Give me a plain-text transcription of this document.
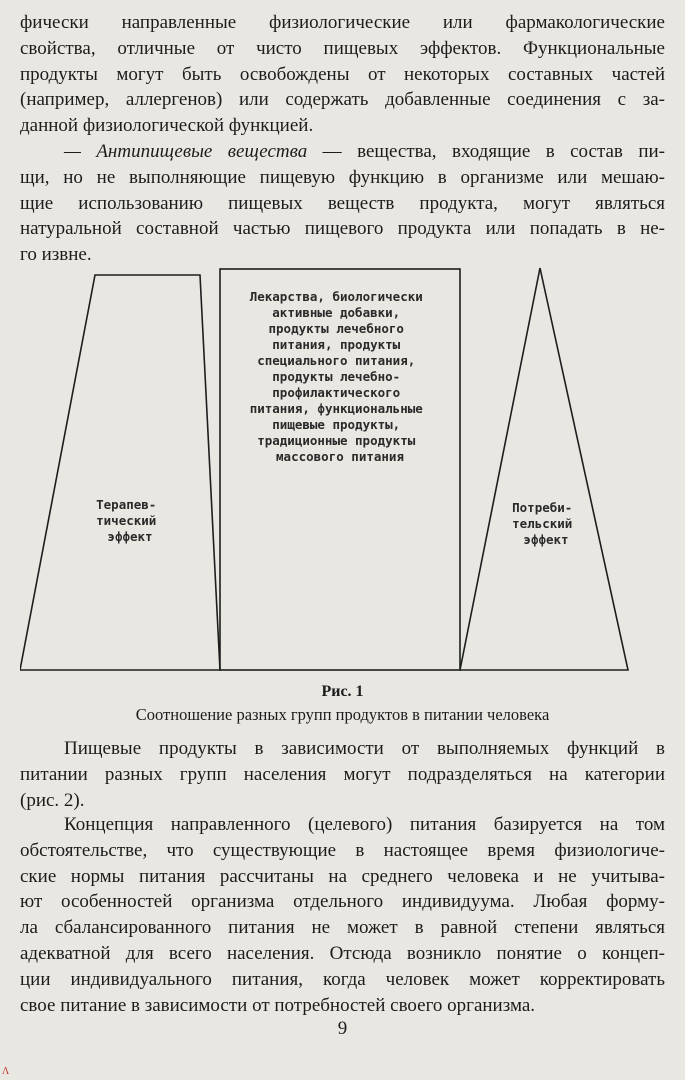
фически направленные физиологические или фармакологические
свойства, отличные от чисто пищевых эффектов. Функциональные
продукты могут быть освобождены от некоторых составных частей
(например, аллергенов) или содержать добавленные соединения с за-
данной физиологической функцией.
— Антипищевые вещества — вещества, входящие в состав пи-
щи, но не выполняющие пищевую функцию в организме или мешаю-
щие использованию пищевых веществ продукта, могут являться
натуральной составной частью пищевого продукта или попадать в не-
го извне.
Терапев- тический эффект
Лекарства, биологически активные добавки, продукты лечебного питания, продукты специального питания, продукты лечебно- профилактического питания, функциональные пищевые продукты, традиционные продукты массового питания
Потреби- тельский эффект
Рис. 1
Соотношение разных групп продуктов в питании человека
Пищевые продукты в зависимости от выполняемых функций в
питании разных групп населения могут подразделяться на категории
(рис. 2).
Концепция направленного (целевого) питания базируется на том
обстоятельстве, что существующие в настоящее время физиологиче-
ские нормы питания рассчитаны на среднего человека и не учитыва-
ют особенностей организма отдельного индивидуума. Любая форму-
ла сбалансированного питания не может в равной степени являться
адекватной для всего населения. Отсюда возникло понятие о концеп-
ции индивидуального питания, когда человек может корректировать
свое питание в зависимости от потребностей своего организма.
9
Λ
